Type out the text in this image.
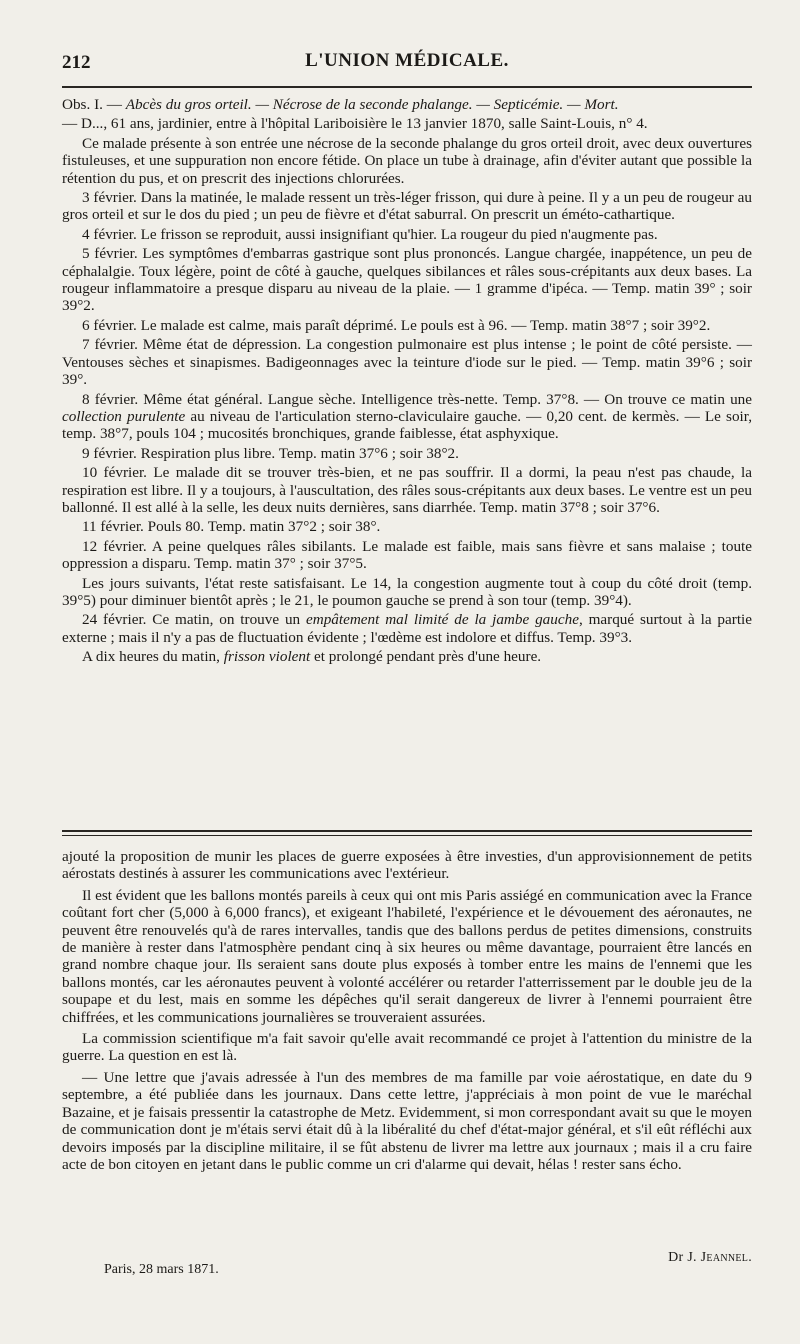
212	L'UNION MÉDICALE.

Obs. I. — Abcès du gros orteil. — Nécrose de la seconde phalange. — Septicémie. — Mort.

— D..., 61 ans, jardinier, entre à l'hôpital Lariboisière le 13 janvier 1870, salle Saint-Louis, n° 4.

Ce malade présente à son entrée une nécrose de la seconde phalange du gros orteil droit, avec deux ouvertures fistuleuses, et une suppuration non encore fétide. On place un tube à drainage, afin d'éviter autant que possible la rétention du pus, et on prescrit des injections chlorurées.

3 février. Dans la matinée, le malade ressent un très-léger frisson, qui dure à peine. Il y a un peu de rougeur au gros orteil et sur le dos du pied ; un peu de fièvre et d'état saburral. On prescrit un éméto-cathartique.

4 février. Le frisson se reproduit, aussi insignifiant qu'hier. La rougeur du pied n'augmente pas.

5 février. Les symptômes d'embarras gastrique sont plus prononcés. Langue chargée, inappétence, un peu de céphalalgie. Toux légère, point de côté à gauche, quelques sibilances et râles sous-crépitants aux deux bases. La rougeur inflammatoire a presque disparu au niveau de la plaie. — 1 gramme d'ipéca. — Temp. matin 39° ; soir 39°2.

6 février. Le malade est calme, mais paraît déprimé. Le pouls est à 96. — Temp. matin 38°7 ; soir 39°2.

7 février. Même état de dépression. La congestion pulmonaire est plus intense ; le point de côté persiste. — Ventouses sèches et sinapismes. Badigeonnages avec la teinture d'iode sur le pied. — Temp. matin 39°6 ; soir 39°.

8 février. Même état général. Langue sèche. Intelligence très-nette. Temp. 37°8. — On trouve ce matin une collection purulente au niveau de l'articulation sterno-claviculaire gauche. — 0,20 cent. de kermès. — Le soir, temp. 38°7, pouls 104 ; mucosités bronchiques, grande faiblesse, état asphyxique.

9 février. Respiration plus libre. Temp. matin 37°6 ; soir 38°2.

10 février. Le malade dit se trouver très-bien, et ne pas souffrir. Il a dormi, la peau n'est pas chaude, la respiration est libre. Il y a toujours, à l'auscultation, des râles sous-crépitants aux deux bases. Le ventre est un peu ballonné. Il est allé à la selle, les deux nuits dernières, sans diarrhée. Temp. matin 37°8 ; soir 37°6.

11 février. Pouls 80. Temp. matin 37°2 ; soir 38°.

12 février. A peine quelques râles sibilants. Le malade est faible, mais sans fièvre et sans malaise ; toute oppression a disparu. Temp. matin 37° ; soir 37°5.

Les jours suivants, l'état reste satisfaisant. Le 14, la congestion augmente tout à coup du côté droit (temp. 39°5) pour diminuer bientôt après ; le 21, le poumon gauche se prend à son tour (temp. 39°4).

24 février. Ce matin, on trouve un empâtement mal limité de la jambe gauche, marqué surtout à la partie externe ; mais il n'y a pas de fluctuation évidente ; l'œdème est indolore et diffus. Temp. 39°3.

A dix heures du matin, frisson violent et prolongé pendant près d'une heure.

ajouté la proposition de munir les places de guerre exposées à être investies, d'un approvisionnement de petits aérostats destinés à assurer les communications avec l'extérieur.

Il est évident que les ballons montés pareils à ceux qui ont mis Paris assiégé en communication avec la France coûtant fort cher (5,000 à 6,000 francs), et exigeant l'habileté, l'expérience et le dévouement des aéronautes, ne peuvent être renouvelés qu'à de rares intervalles, tandis que des ballons perdus de petites dimensions, construits de manière à rester dans l'atmosphère pendant cinq à six heures ou même davantage, pourraient être lancés en grand nombre chaque jour. Ils seraient sans doute plus exposés à tomber entre les mains de l'ennemi que les ballons montés, car les aéronautes peuvent à volonté accélérer ou retarder l'atterrissement par le double jeu de la soupape et du lest, mais en somme les dépêches qu'il serait dangereux de livrer à l'ennemi pourraient être chiffrées, et les communications journalières se trouveraient assurées.

La commission scientifique m'a fait savoir qu'elle avait recommandé ce projet à l'attention du ministre de la guerre. La question en est là.

— Une lettre que j'avais adressée à l'un des membres de ma famille par voie aérostatique, en date du 9 septembre, a été publiée dans les journaux. Dans cette lettre, j'appréciais à mon point de vue le maréchal Bazaine, et je faisais pressentir la catastrophe de Metz. Evidemment, si mon correspondant avait su que le moyen de communication dont je m'étais servi était dû à la libéralité du chef d'état-major général, et s'il eût réfléchi aux devoirs imposés par la discipline militaire, il se fût abstenu de livrer ma lettre aux journaux ; mais il a cru faire acte de bon citoyen en jetant dans le public comme un cri d'alarme qui devait, hélas ! rester sans écho.

Dr J. Jeannel.
Paris, 28 mars 1871.
